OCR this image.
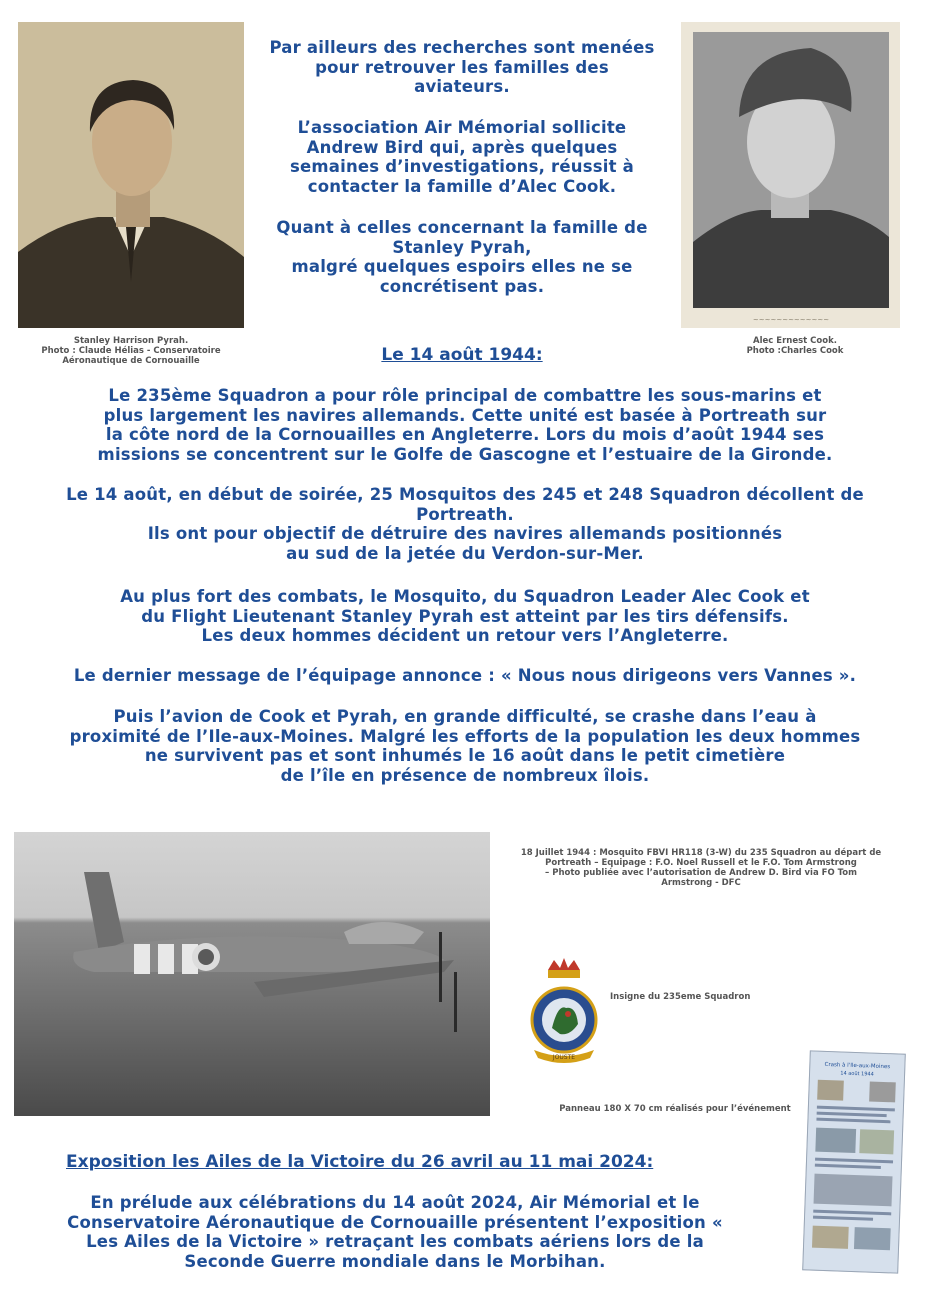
Stanley Harrison Pyrah.
Photo : Claude Hélias - Conservatoire
Aéronautique de Cornouaille
~~~~~~~~~~~~~
Alec Ernest Cook.
Photo :Charles Cook
Par ailleurs des recherches sont menées
pour retrouver les familles des
aviateurs.
L’association Air Mémorial sollicite
Andrew Bird qui, après quelques
semaines d’investigations, réussit à
contacter la famille d’Alec Cook.
Quant à celles concernant la famille de
Stanley Pyrah,
malgré quelques espoirs elles ne se
concrétisent pas.
Le 14 août 1944:
Le 235ème Squadron a pour rôle principal de combattre les sous-marins et
plus largement les navires allemands. Cette unité est basée à Portreath sur
la côte nord de la Cornouailles en Angleterre. Lors du mois d’août 1944 ses
missions se concentrent sur le Golfe de Gascogne et l’estuaire de la Gironde.
Le 14 août, en début de soirée, 25 Mosquitos des 245 et 248 Squadron décollent de
Portreath.
Ils ont pour objectif de détruire des navires allemands positionnés
au sud de la jetée du Verdon-sur-Mer.
Au plus fort des combats, le Mosquito, du Squadron Leader Alec Cook et
du Flight Lieutenant Stanley Pyrah est atteint par les tirs défensifs.
Les deux hommes décident un retour vers l’Angleterre.
Le dernier message de l’équipage annonce : « Nous nous dirigeons vers Vannes ».
Puis l’avion de Cook et Pyrah, en grande difficulté, se crashe dans l’eau à
proximité de l’Ile-aux-Moines. Malgré les efforts de la population les deux hommes
ne survivent pas et sont inhumés le 16 août dans le petit cimetière
de l’île en présence de nombreux îlois.
18 Juillet 1944 : Mosquito FBVI HR118 (3-W) du 235 Squadron au départ de
Portreath – Equipage : F.O. Noel Russell et le F.O. Tom Armstrong
– Photo publiée avec l’autorisation de Andrew D. Bird via FO Tom
Armstrong - DFC
JOUSTE
Insigne du 235eme Squadron
Panneau 180 X 70 cm réalisés pour l’événement
Crash à l'Ile-aux-Moines
14 août 1944
Exposition les Ailes de la Victoire du 26 avril au 11 mai 2024:
En prélude aux célébrations du 14 août 2024, Air Mémorial et le
Conservatoire Aéronautique de Cornouaille présentent l’exposition «
Les Ailes de la Victoire » retraçant les combats aériens lors de la
Seconde Guerre mondiale dans le Morbihan.
